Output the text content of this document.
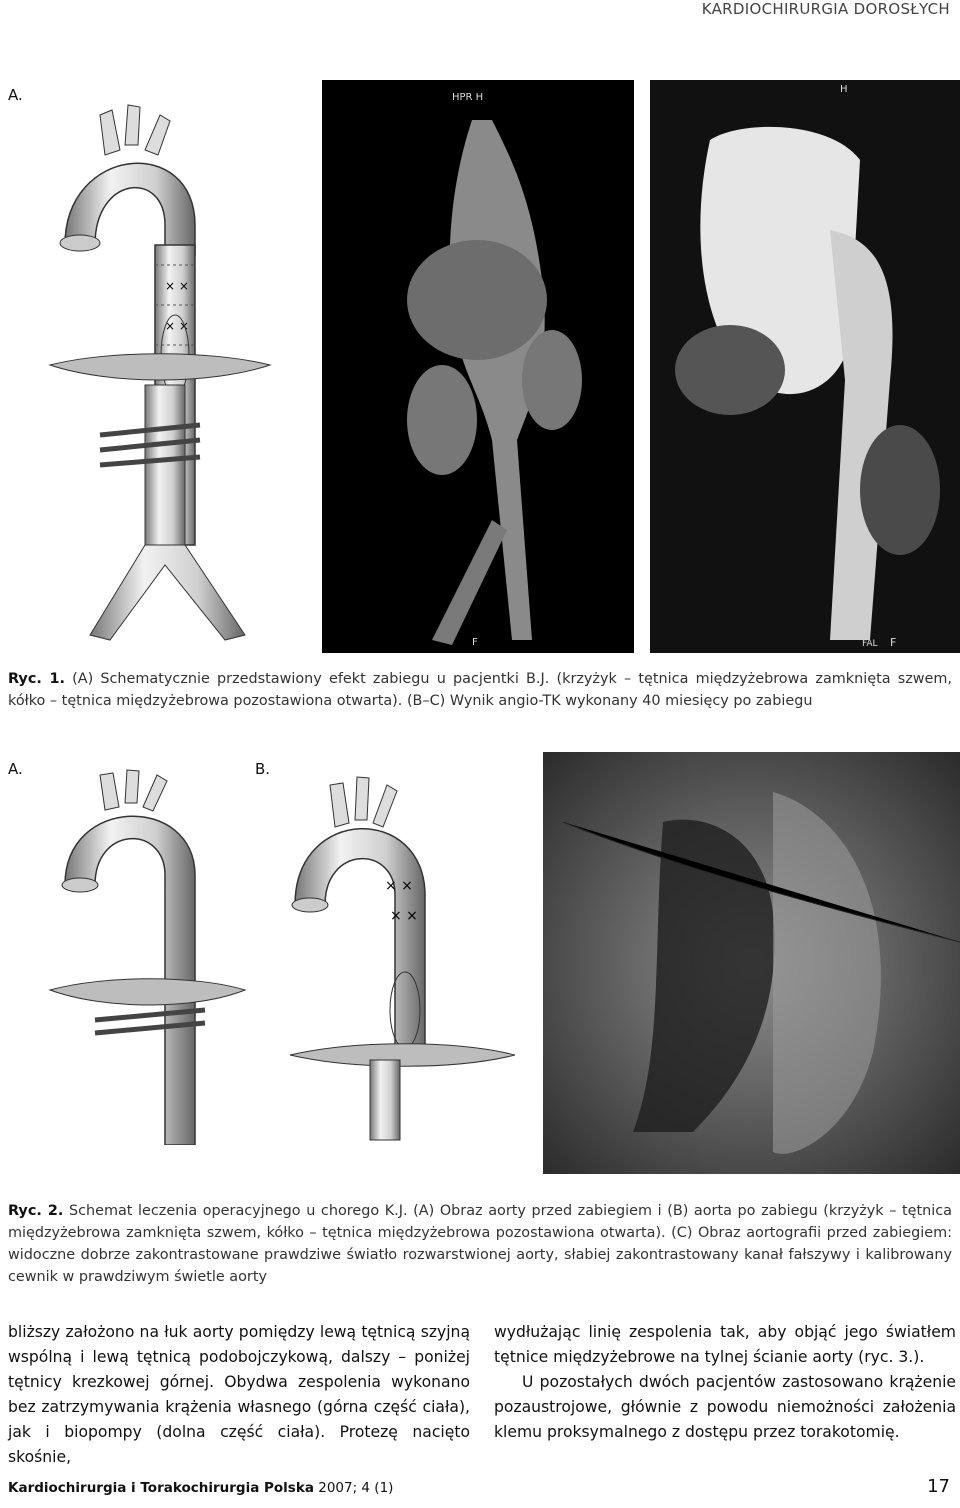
KARDIOCHIRURGIA DOROSŁYCH
A.
× ×
× ×
HPR H
F
H
FAL F
Ryc. 1. (A) Schematycznie przedstawiony efekt zabiegu u pacjentki B.J. (krzyżyk – tętnica międzyżebrowa zamknięta szwem, kółko – tętnica międzyżebrowa pozostawiona otwarta). (B–C) Wynik angio-TK wykonany 40 miesięcy po zabiegu
A.	B.
× ×
× ×
Ryc. 2. Schemat leczenia operacyjnego u chorego K.J. (A) Obraz aorty przed zabiegiem i (B) aorta po zabiegu (krzyżyk – tętnica międzyżebrowa zamknięta szwem, kółko – tętnica międzyżebrowa pozostawiona otwarta). (C) Obraz aortografii przed zabiegiem: widoczne dobrze zakontrastowane prawdziwe światło rozwarstwionej aorty, słabiej zakontrastowany kanał fałszywy i kalibrowany cewnik w prawdziwym świetle aorty

bliższy założono na łuk aorty pomiędzy lewą tętnicą szyjną wspólną i lewą tętnicą podobojczykową, dalszy – poniżej tętnicy krezkowej górnej. Obydwa zespolenia wykonano bez zatrzymywania krążenia własnego (górna część ciała), jak i biopompy (dolna część ciała). Protezę nacięto skośnie,

wydłużając linię zespolenia tak, aby objąć jego światłem tętnice międzyżebrowe na tylnej ścianie aorty (ryc. 3.).

U pozostałych dwóch pacjentów zastosowano krążenie pozaustrojowe, głównie z powodu niemożności założenia klemu proksymalnego z dostępu przez torakotomię.

Kardiochirurgia i Torakochirurgia Polska 2007; 4 (1)	17
